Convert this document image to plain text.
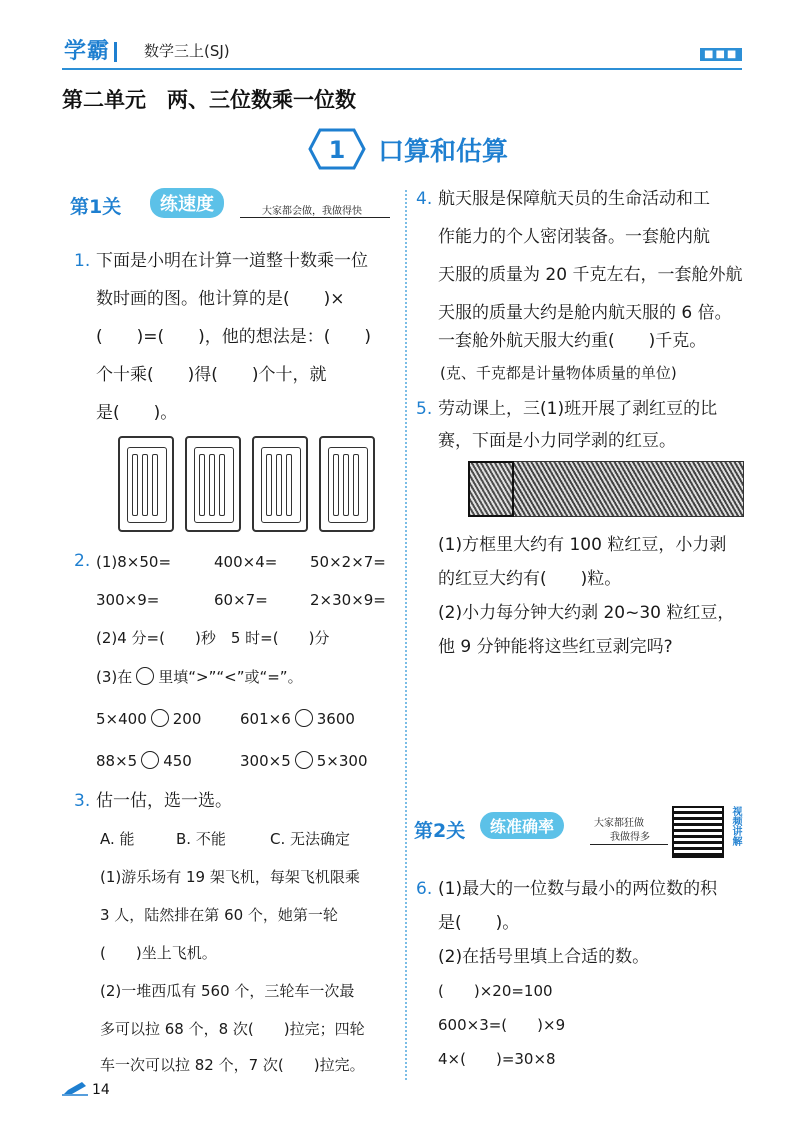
学霸	数学三上(SJ)	■■■
第二单元　两、三位数乘一位数
1 口算和估算
第1关	练速度	大家都会做，我做得快
1. 下面是小明在计算一道整十数乘一位
数时画的图。他计算的是(　　)×
(　　)=(　　)，他的想法是：(　　)
个十乘(　　)得(　　)个十，就
是(　　)。
2. (1)8×50=	400×4= 50×2×7=
300×9=	60×7=	2×30×9=
(2)4 分=(　　)秒　5 时=(　　)分
(3)在 里填“>”“<”或“=”。
5×400 200	601×6 3600
88×5 450	300×5 5×300
3. 估一估，选一选。
A. 能	B. 不能	C. 无法确定
(1)游乐场有 19 架飞机，每架飞机限乘
3 人，陆然排在第 60 个，她第一轮
(　　)坐上飞机。
(2)一堆西瓜有 560 个，三轮车一次最
多可以拉 68 个，8 次(　　)拉完；四轮
车一次可以拉 82 个，7 次(　　)拉完。
4. 航天服是保障航天员的生命活动和工
作能力的个人密闭装备。一套舱内航
天服的质量为 20 千克左右，一套舱外航
天服的质量大约是舱内航天服的 6 倍。
一套舱外航天服大约重(　　)千克。
(克、千克都是计量物体质量的单位)
5. 劳动课上，三(1)班开展了剥红豆的比
赛，下面是小力同学剥的红豆。
(1)方框里大约有 100 粒红豆，小力剥
的红豆大约有(　　)粒。
(2)小力每分钟大约剥 20~30 粒红豆，
他 9 分钟能将这些红豆剥完吗?
第2关	练准确率	大家都狂做
我做得多	视频讲解
6. (1)最大的一位数与最小的两位数的积
是(　　)。
(2)在括号里填上合适的数。
(　　)×20=100
600×3=(　　)×9
4×(　　)=30×8
14
